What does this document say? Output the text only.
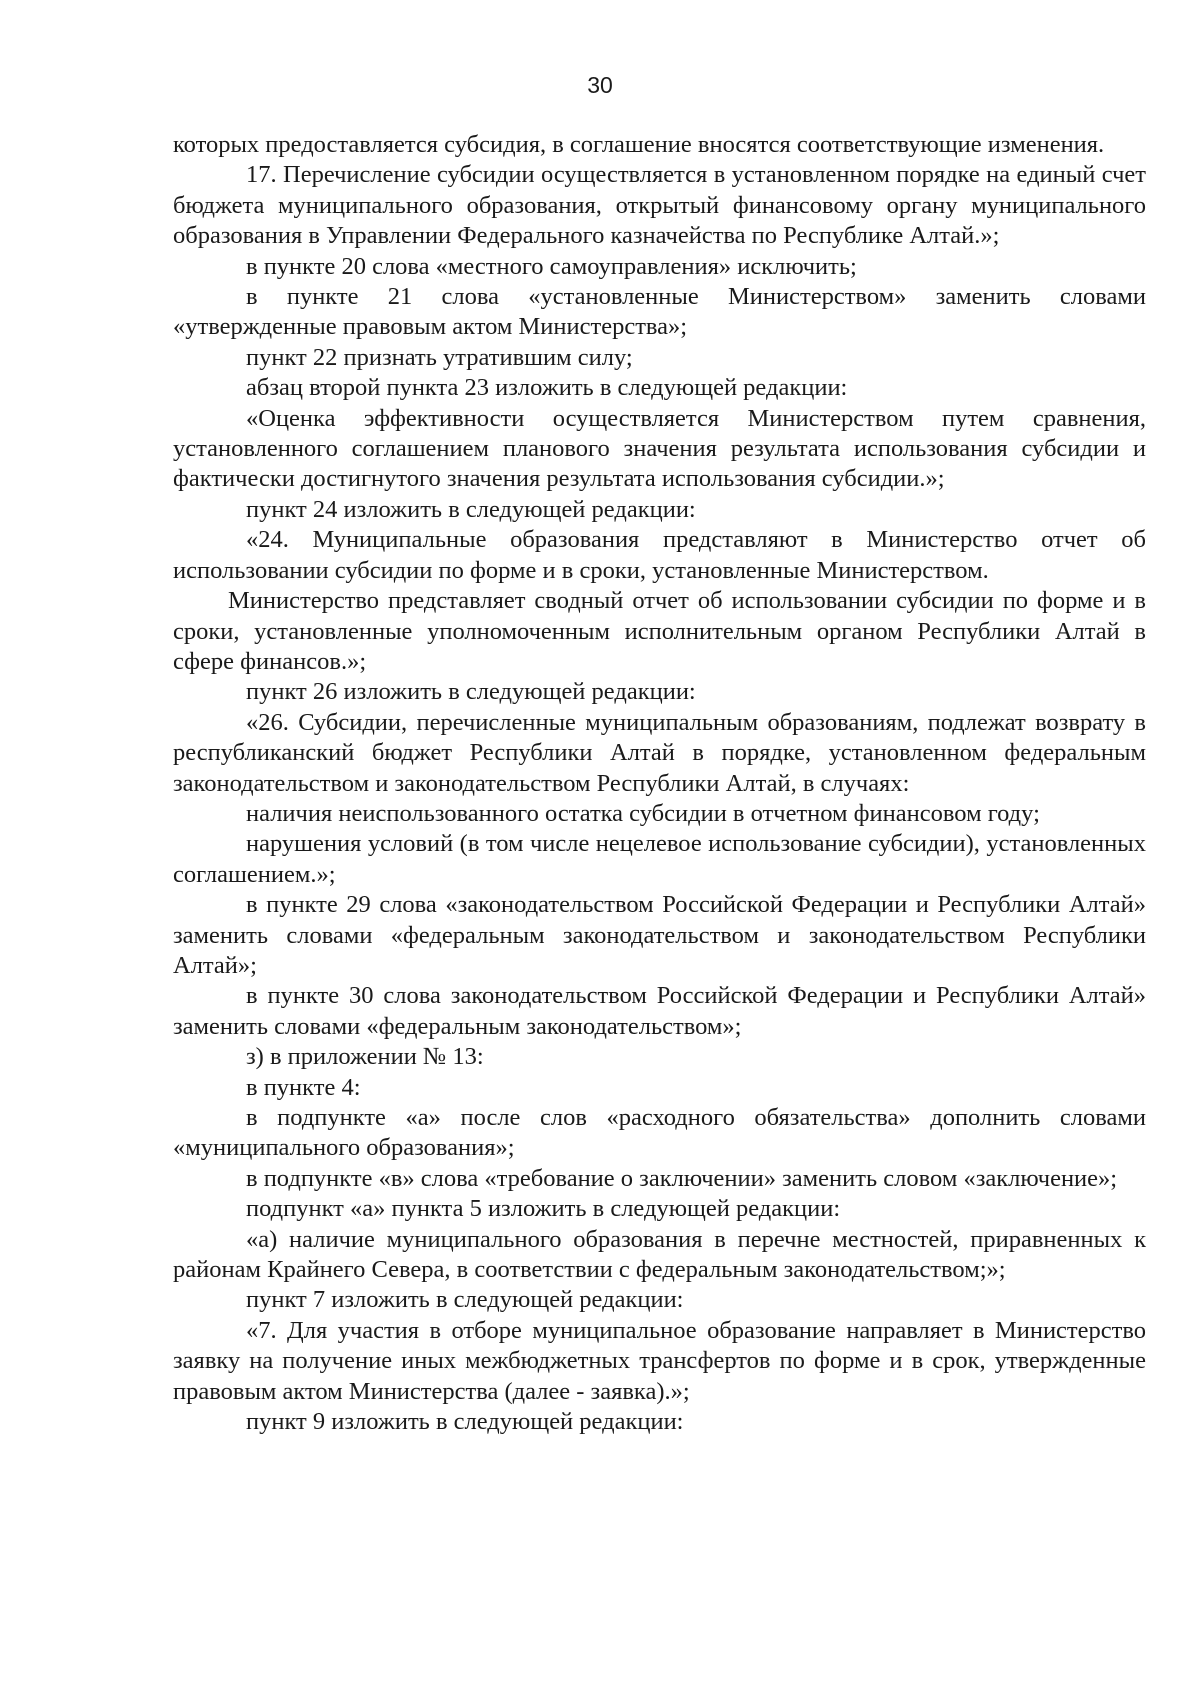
30

которых предоставляется субсидия, в соглашение вносятся соответствующие изменения.

17. Перечисление субсидии осуществляется в установленном порядке на единый счет бюджета муниципального образования, открытый финансовому органу муниципального образования в Управлении Федерального казначейства по Республике Алтай.»;

в пункте 20 слова «местного самоуправления» исключить;

в пункте 21 слова «установленные Министерством» заменить словами «утвержденные правовым актом Министерства»;

пункт 22 признать утратившим силу;

абзац второй пункта 23 изложить в следующей редакции:

«Оценка эффективности осуществляется Министерством путем сравнения, установленного соглашением планового значения результата использования субсидии и фактически достигнутого значения результата использования субсидии.»;

пункт 24 изложить в следующей редакции:

«24. Муниципальные образования представляют в Министерство отчет об использовании субсидии по форме и в сроки, установленные Министерством.

Министерство представляет сводный отчет об использовании субсидии по форме и в сроки, установленные уполномоченным исполнительным органом Республики Алтай в сфере финансов.»;

пункт 26 изложить в следующей редакции:

«26. Субсидии, перечисленные муниципальным образованиям, подлежат возврату в республиканский бюджет Республики Алтай в порядке, установленном федеральным законодательством и законодательством Республики Алтай, в случаях:

наличия неиспользованного остатка субсидии в отчетном финансовом году;

нарушения условий (в том числе нецелевое использование субсидии), установленных соглашением.»;

в пункте 29 слова «законодательством Российской Федерации и Республики Алтай» заменить словами «федеральным законодательством и законодательством Республики Алтай»;

в пункте 30 слова законодательством Российской Федерации и Республики Алтай» заменить словами «федеральным законодательством»;

з) в приложении № 13:

в пункте 4:

в подпункте «а» после слов «расходного обязательства» дополнить словами «муниципального образования»;

в подпункте «в» слова «требование о заключении» заменить словом «заключение»;

подпункт «а» пункта 5 изложить в следующей редакции:

«а) наличие муниципального образования в перечне местностей, приравненных к районам Крайнего Севера, в соответствии с федеральным законодательством;»;

пункт 7 изложить в следующей редакции:

«7. Для участия в отборе муниципальное образование направляет в Министерство заявку на получение иных межбюджетных трансфертов по форме и в срок, утвержденные правовым актом Министерства (далее - заявка).»;

пункт 9 изложить в следующей редакции:
